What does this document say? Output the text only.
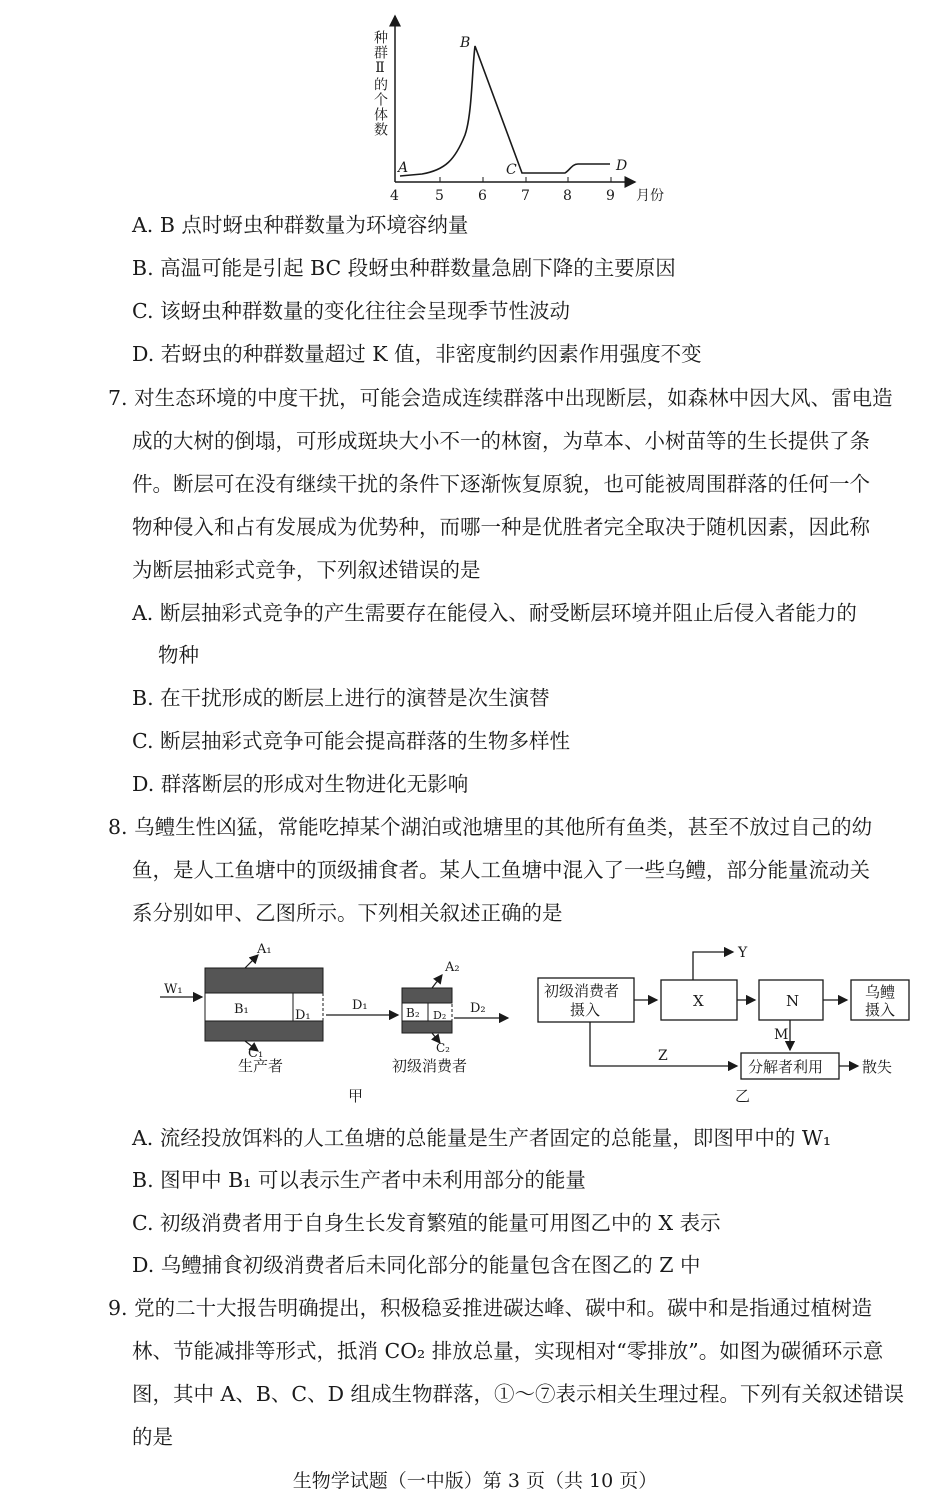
种群Ⅱ的个体数
4	5 6 7 8 9 月份
A
B
C	D
A. B 点时蚜虫种群数量为环境容纳量
B. 高温可能是引起 BC 段蚜虫种群数量急剧下降的主要原因
C. 该蚜虫种群数量的变化往往会呈现季节性波动
D. 若蚜虫的种群数量超过 K 值，非密度制约因素作用强度不变
7. 对生态环境的中度干扰，可能会造成连续群落中出现断层，如森林中因大风、雷电造
成的大树的倒塌，可形成斑块大小不一的林窗，为草本、小树苗等的生长提供了条
件。断层可在没有继续干扰的条件下逐渐恢复原貌，也可能被周围群落的任何一个
物种侵入和占有发展成为优势种，而哪一种是优胜者完全取决于随机因素，因此称
为断层抽彩式竞争，下列叙述错误的是
A. 断层抽彩式竞争的产生需要存在能侵入、耐受断层环境并阻止后侵入者能力的
物种
B. 在干扰形成的断层上进行的演替是次生演替
C. 断层抽彩式竞争可能会提高群落的生物多样性
D. 群落断层的形成对生物进化无影响
8. 乌鳢生性凶猛，常能吃掉某个湖泊或池塘里的其他所有鱼类，甚至不放过自己的幼
鱼，是人工鱼塘中的顶级捕食者。某人工鱼塘中混入了一些乌鳢，部分能量流动关
系分别如甲、乙图所示。下列相关叙述正确的是
W₁
B₁	D₁
A₁
C₁
生产者
D₁	B₂ D₂
A₂
C₂
D₂
初级消费者
甲
初级消费者
摄入	X
Y
N	乌鳢
摄入
M
分解者利用
Z
散失
乙
A. 流经投放饵料的人工鱼塘的总能量是生产者固定的总能量，即图甲中的 W₁
B. 图甲中 B₁ 可以表示生产者中未利用部分的能量
C. 初级消费者用于自身生长发育繁殖的能量可用图乙中的 X 表示
D. 乌鳢捕食初级消费者后未同化部分的能量包含在图乙的 Z 中
9. 党的二十大报告明确提出，积极稳妥推进碳达峰、碳中和。碳中和是指通过植树造
林、节能减排等形式，抵消 CO₂ 排放总量，实现相对“零排放”。如图为碳循环示意
图，其中 A、B、C、D 组成生物群落，①～⑦表示相关生理过程。下列有关叙述错误
的是
生物学试题（一中版）第 3 页（共 10 页）
